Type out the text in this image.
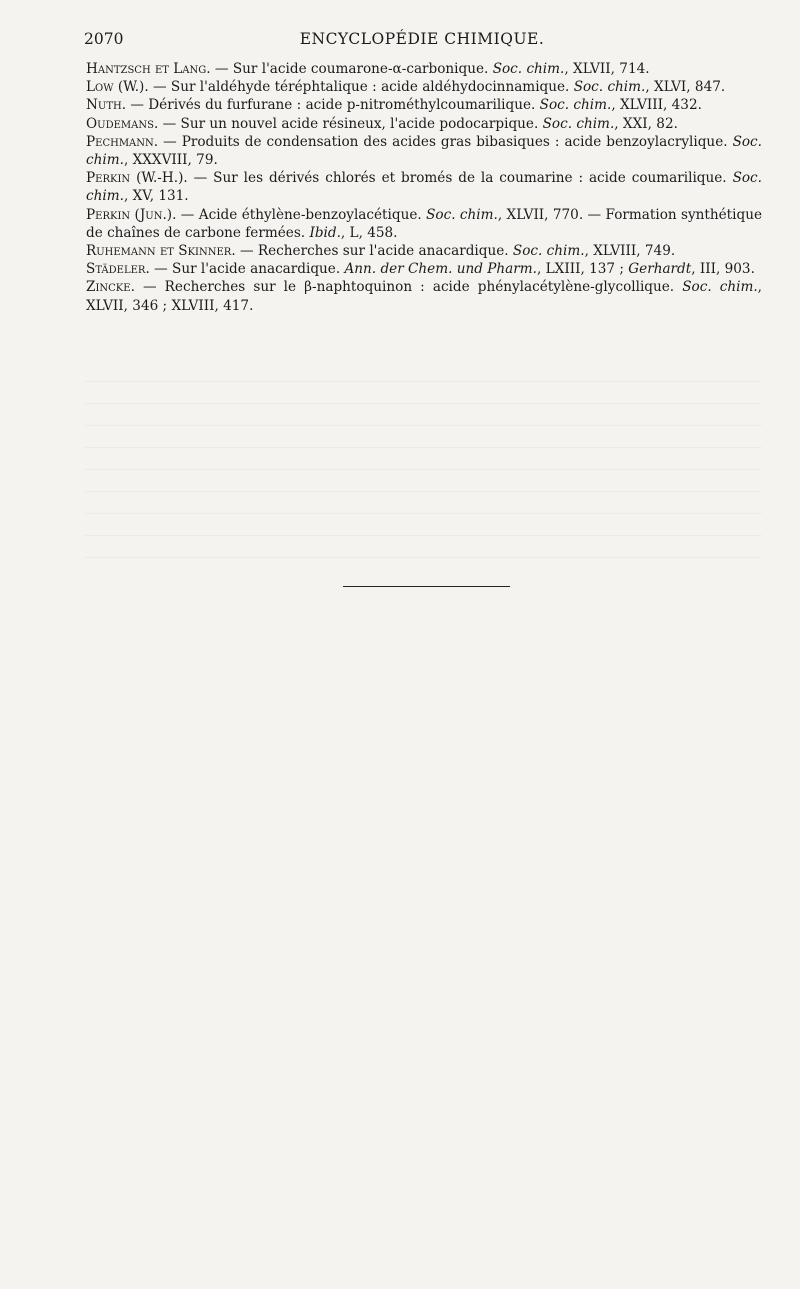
2070	ENCYCLOPÉDIE CHIMIQUE.

Hantzsch et Lang. — Sur l'acide coumarone-α-carbonique. Soc. chim., XLVII, 714.

Low (W.). — Sur l'aldéhyde téréphtalique : acide aldéhydocinnamique. Soc. chim., XLVI, 847.

Nuth. — Dérivés du furfurane : acide p-nitrométhylcoumarilique. Soc. chim., XLVIII, 432.

Oudemans. — Sur un nouvel acide résineux, l'acide podocarpique. Soc. chim., XXI, 82.

Pechmann. — Produits de condensation des acides gras bibasiques : acide benzoylacrylique. Soc. chim., XXXVIII, 79.

Perkin (W.-H.). — Sur les dérivés chlorés et bromés de la coumarine : acide coumarilique. Soc. chim., XV, 131.

Perkin (Jun.). — Acide éthylène-benzoylacétique. Soc. chim., XLVII, 770. — Formation synthétique de chaînes de carbone fermées. Ibid., L, 458.

Ruhemann et Skinner. — Recherches sur l'acide anacardique. Soc. chim., XLVIII, 749.

Städeler. — Sur l'acide anacardique. Ann. der Chem. und Pharm., LXIII, 137 ; Gerhardt, III, 903.

Zincke. — Recherches sur le β-naphtoquinon : acide phénylacétylène-glycollique. Soc. chim., XLVII, 346 ; XLVIII, 417.
